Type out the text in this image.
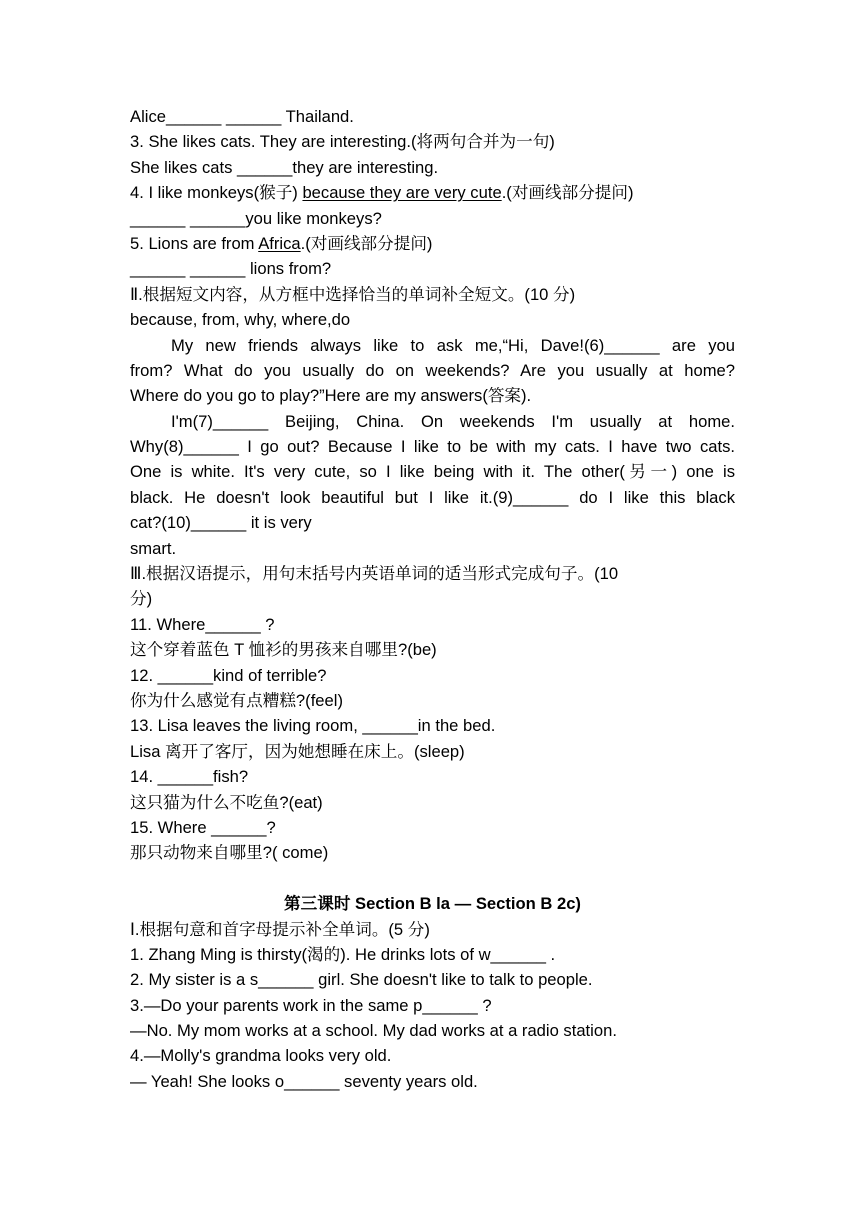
Alice______ ______ Thailand.
3. She likes cats. They are interesting.(将两句合并为一句)
She likes cats ______they are interesting.
4. I like monkeys(猴子) because they are very cute.(对画线部分提问)
______ ______you like monkeys?
5. Lions are from Africa.(对画线部分提问)
______ ______ lions from?
Ⅱ.根据短文内容，从方框中选择恰当的单词补全短文。(10 分)
because, from, why, where,do
My new friends always like to ask me,“Hi, Dave!(6)______ are you
from? What do you usually do on weekends? Are you usually at home?
Where do you go to play?”Here are my answers(答案).
I'm(7)______ Beijing, China. On weekends I'm usually at home.
Why(8)______ I go out? Because I like to be with my cats. I have two cats.
One is white. It's very cute, so I like being with it. The other(另一) one is
black. He doesn't look beautiful but I like it.(9)______ do I like this black
cat?(10)______ it is very
smart.
Ⅲ.根据汉语提示，用句末括号内英语单词的适当形式完成句子。(10
分)
11. Where______ ?
这个穿着蓝色 T 恤衫的男孩来自哪里?(be)
12. ______kind of terrible?
你为什么感觉有点糟糕?(feel)
13. Lisa leaves the living room, ______in the bed.
Lisa 离开了客厅，因为她想睡在床上。(sleep)
14. ______fish?
这只猫为什么不吃鱼?(eat)
15. Where ______?
那只动物来自哪里?( come)
第三课时 Section B la — Section B 2c)
Ⅰ.根据句意和首字母提示补全单词。(5 分)
1. Zhang Ming is thirsty(渴的). He drinks lots of w______ .
2. My sister is a s______ girl. She doesn't like to talk to people.
3.—Do your parents work in the same p______ ?
—No. My mom works at a school. My dad works at a radio station.
4.—Molly's grandma looks very old.
— Yeah! She looks o______ seventy years old.
